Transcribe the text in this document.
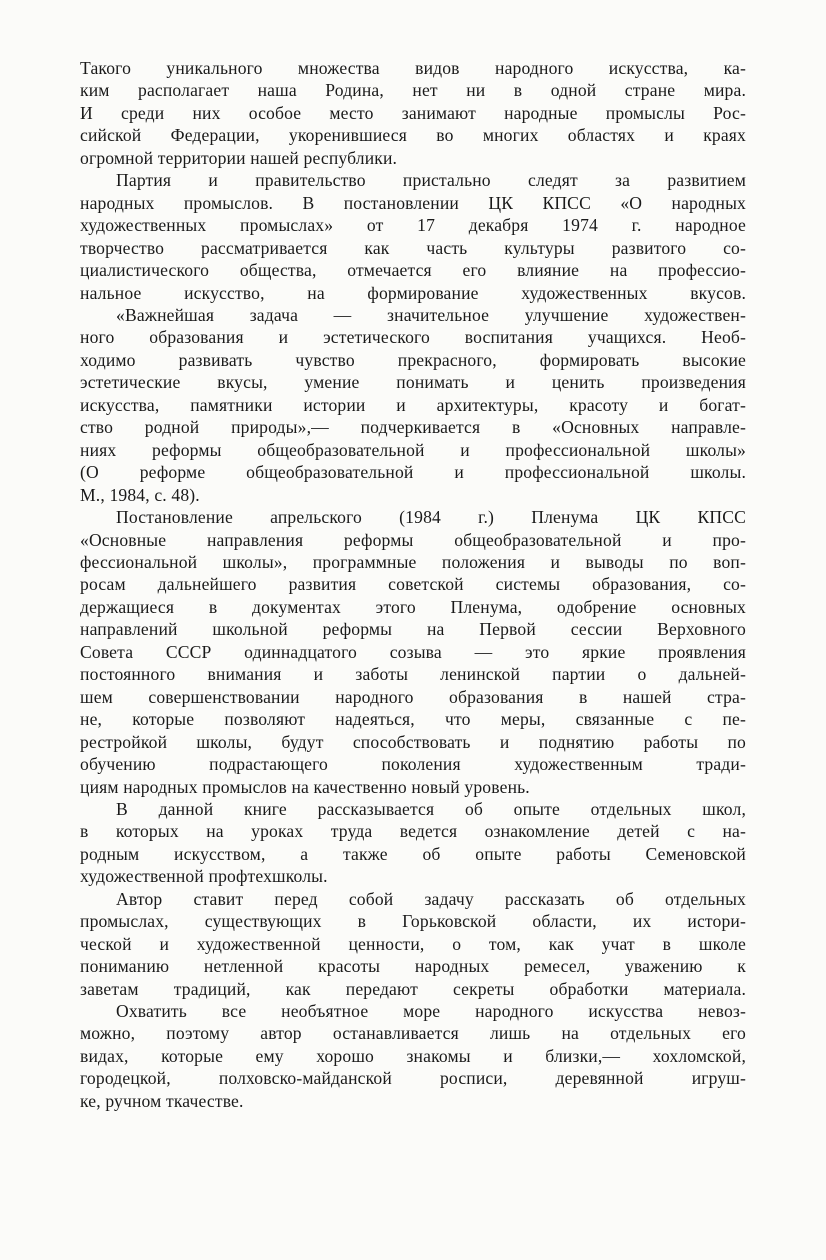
Такого уникального множества видов народного искусства, ка-
ким располагает наша Родина, нет ни в одной стране мира.
И среди них особое место занимают народные промыслы Рос-
сийской Федерации, укоренившиеся во многих областях и краях
огромной территории нашей республики.
Партия и правительство пристально следят за развитием
народных промыслов. В постановлении ЦК КПСС «О народных
художественных промыслах» от 17 декабря 1974 г. народное
творчество рассматривается как часть культуры развитого со-
циалистического общества, отмечается его влияние на профессио-
нальное искусство, на формирование художественных вкусов.
«Важнейшая задача — значительное улучшение художествен-
ного образования и эстетического воспитания учащихся. Необ-
ходимо развивать чувство прекрасного, формировать высокие
эстетические вкусы, умение понимать и ценить произведения
искусства, памятники истории и архитектуры, красоту и богат-
ство родной природы»,— подчеркивается в «Основных направле-
ниях реформы общеобразовательной и профессиональной школы»
(О реформе общеобразовательной и профессиональной школы.
М., 1984, с. 48).
Постановление апрельского (1984 г.) Пленума ЦК КПСС
«Основные направления реформы общеобразовательной и про-
фессиональной школы», программные положения и выводы по воп-
росам дальнейшего развития советской системы образования, со-
держащиеся в документах этого Пленума, одобрение основных
направлений школьной реформы на Первой сессии Верховного
Совета СССР одиннадцатого созыва — это яркие проявления
постоянного внимания и заботы ленинской партии о дальней-
шем совершенствовании народного образования в нашей стра-
не, которые позволяют надеяться, что меры, связанные с пе-
рестройкой школы, будут способствовать и поднятию работы по
обучению подрастающего поколения художественным тради-
циям народных промыслов на качественно новый уровень.
В данной книге рассказывается об опыте отдельных школ,
в которых на уроках труда ведется ознакомление детей с на-
родным искусством, а также об опыте работы Семеновской
художественной профтехшколы.
Автор ставит перед собой задачу рассказать об отдельных
промыслах, существующих в Горьковской области, их истори-
ческой и художественной ценности, о том, как учат в школе
пониманию нетленной красоты народных ремесел, уважению к
заветам традиций, как передают секреты обработки материала.
Охватить все необъятное море народного искусства невоз-
можно, поэтому автор останавливается лишь на отдельных его
видах, которые ему хорошо знакомы и близки,— хохломской,
городецкой, полховско-майданской росписи, деревянной игруш-
ке, ручном ткачестве.
